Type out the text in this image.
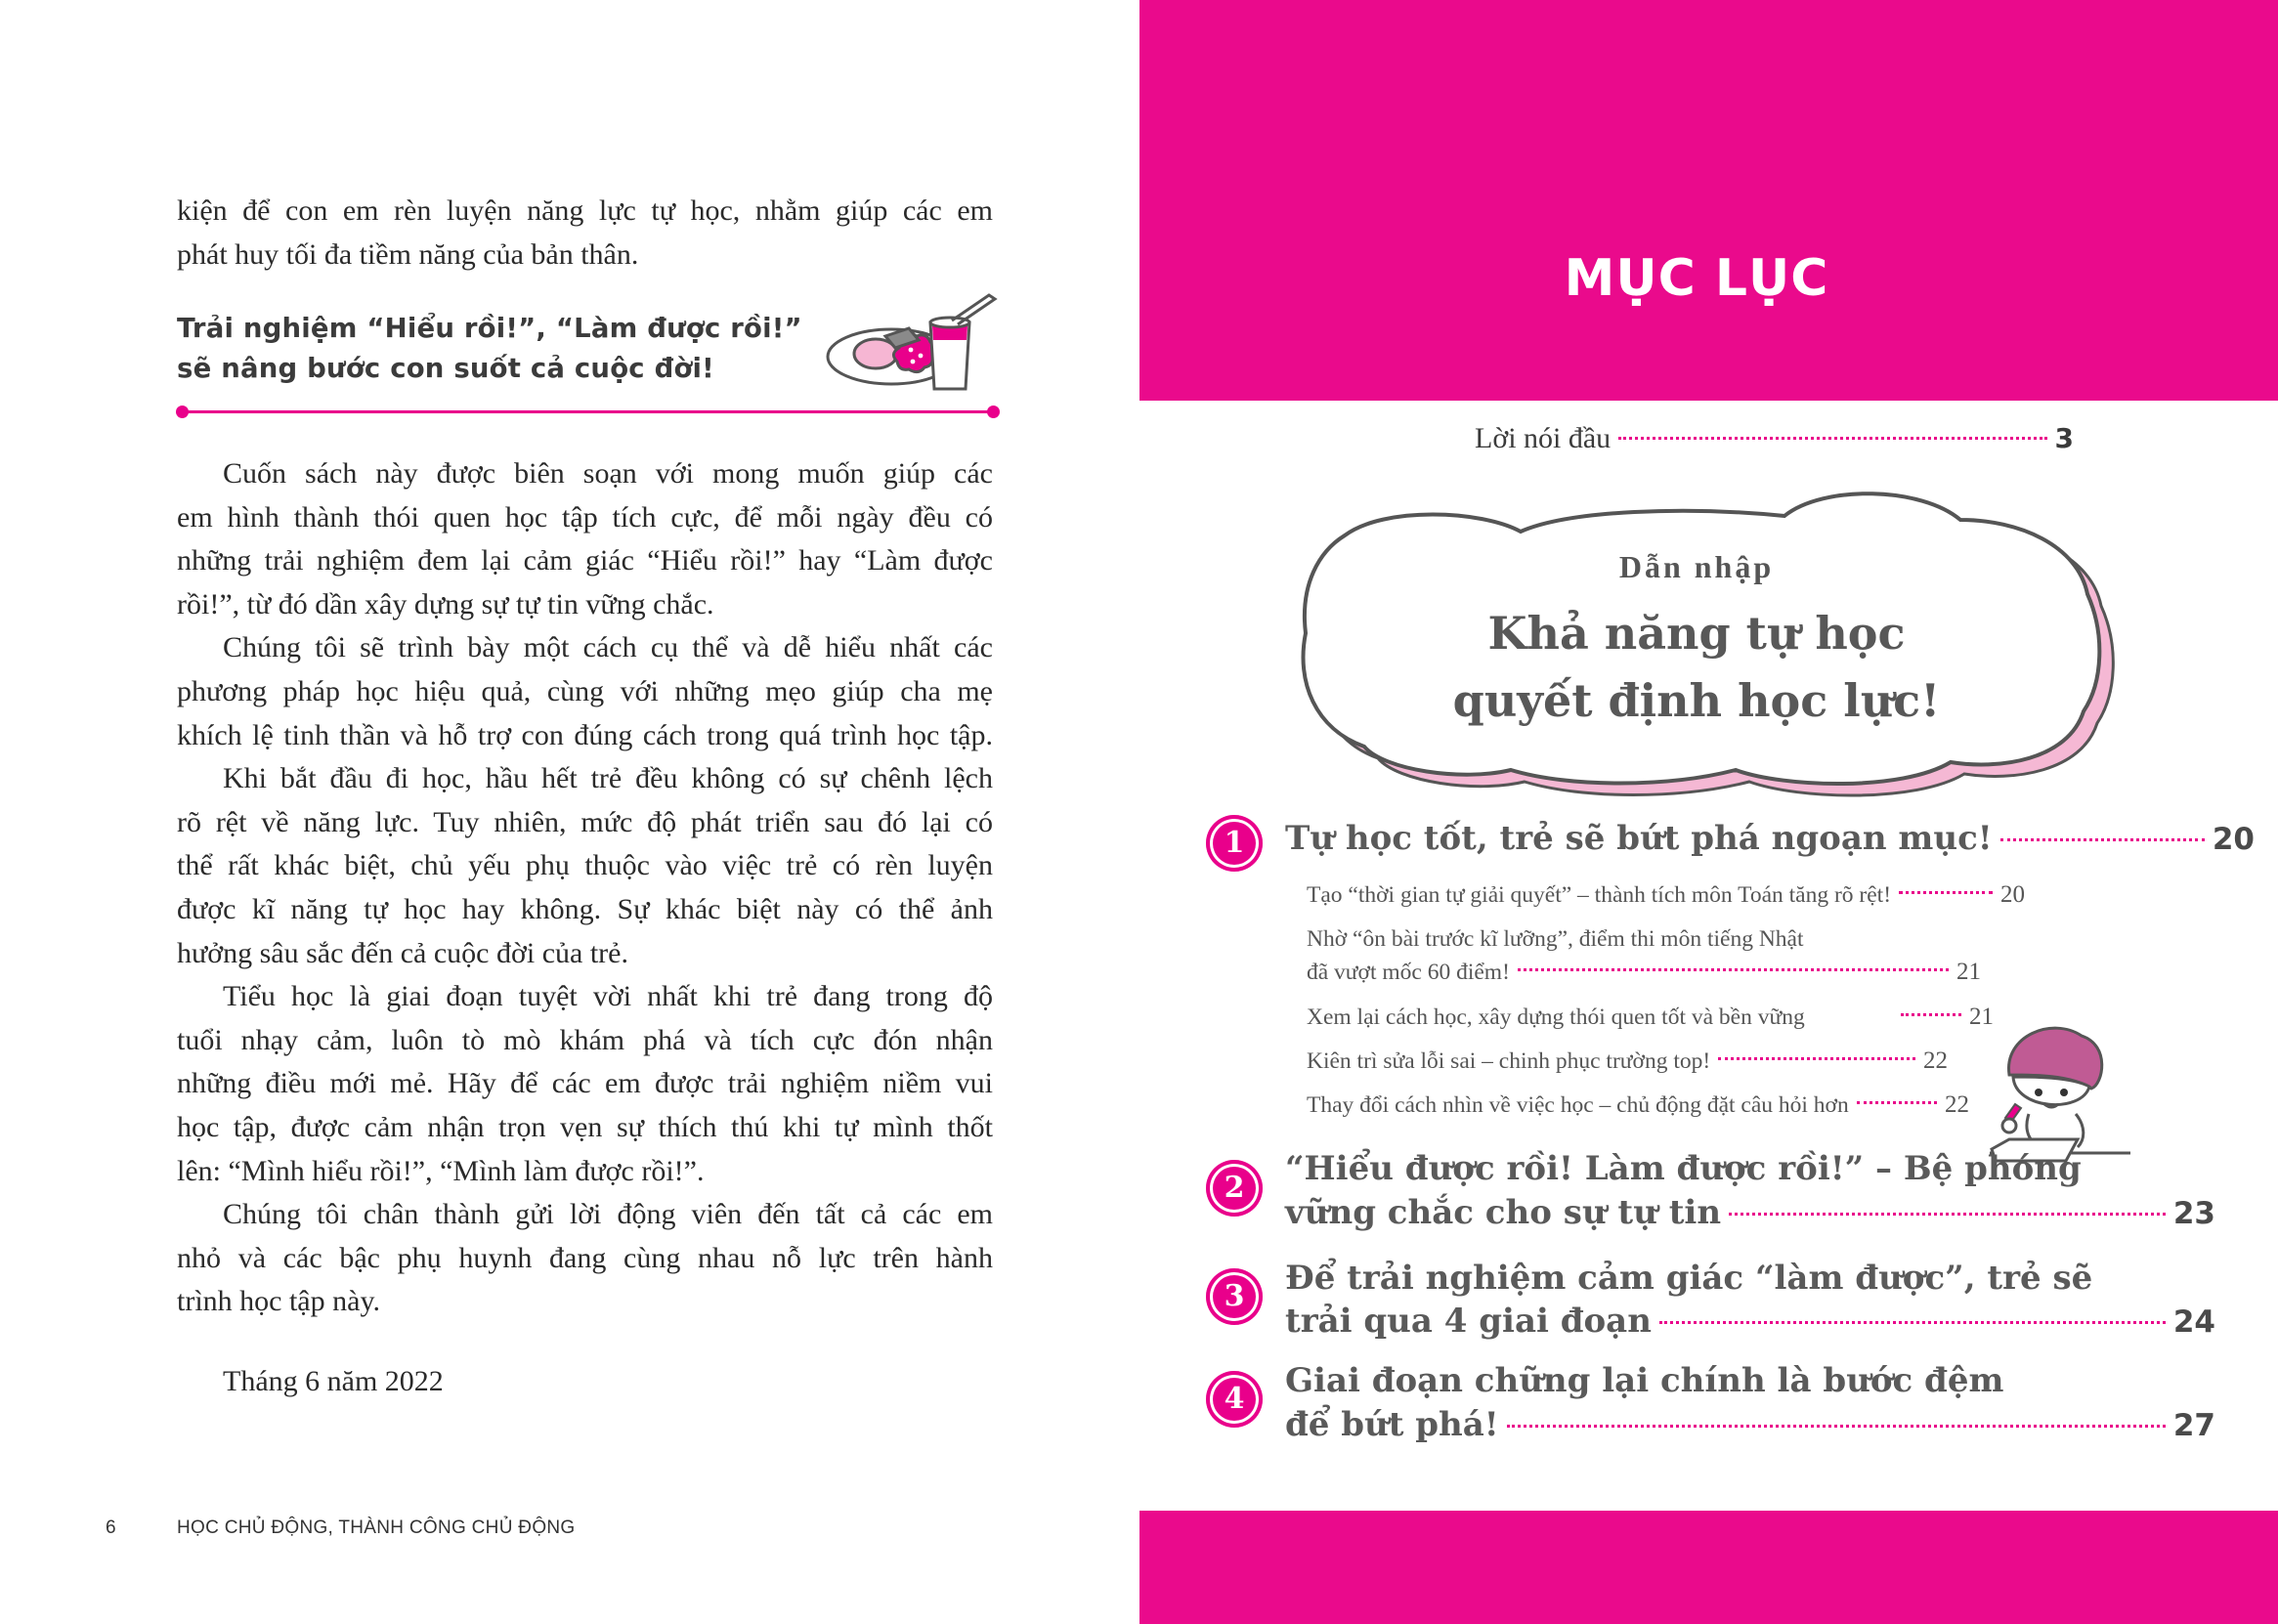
kiện để con em rèn luyện năng lực tự học, nhằm giúp các em
phát huy tối đa tiềm năng của bản thân.

Trải nghiệm “Hiểu rồi!”, “Làm được rồi!”
sẽ nâng bước con suốt cả cuộc đời!

Cuốn sách này được biên soạn với mong muốn giúp các
em hình thành thói quen học tập tích cực, để mỗi ngày đều có
những trải nghiệm đem lại cảm giác “Hiểu rồi!” hay “Làm được
rồi!”, từ đó dần xây dựng sự tự tin vững chắc.
Chúng tôi sẽ trình bày một cách cụ thể và dễ hiểu nhất các
phương pháp học hiệu quả, cùng với những mẹo giúp cha mẹ
khích lệ tinh thần và hỗ trợ con đúng cách trong quá trình học tập.
Khi bắt đầu đi học, hầu hết trẻ đều không có sự chênh lệch
rõ rệt về năng lực. Tuy nhiên, mức độ phát triển sau đó lại có
thể rất khác biệt, chủ yếu phụ thuộc vào việc trẻ có rèn luyện
được kĩ năng tự học hay không. Sự khác biệt này có thể ảnh
hưởng sâu sắc đến cả cuộc đời của trẻ.
Tiểu học là giai đoạn tuyệt vời nhất khi trẻ đang trong độ
tuổi nhạy cảm, luôn tò mò khám phá và tích cực đón nhận
những điều mới mẻ. Hãy để các em được trải nghiệm niềm vui
học tập, được cảm nhận trọn vẹn sự thích thú khi tự mình thốt
lên: “Mình hiểu rồi!”, “Mình làm được rồi!”.
Chúng tôi chân thành gửi lời động viên đến tất cả các em
nhỏ và các bậc phụ huynh đang cùng nhau nỗ lực trên hành
trình học tập này.

Tháng 6 năm 2022
6	HỌC CHỦ ĐỘNG, THÀNH CÔNG CHỦ ĐỘNG
MỤC LỤC
Lời nói đầu	3
Dẫn nhập
Khả năng tự học
quyết định học lực!
1	Tự học tốt, trẻ sẽ bứt phá ngoạn mục!	20
Tạo “thời gian tự giải quyết” – thành tích môn Toán tăng rõ rệt!	20
Nhờ “ôn bài trước kĩ lưỡng”, điểm thi môn tiếng Nhật
đã vượt mốc 60 điểm!	21
Xem lại cách học, xây dựng thói quen tốt và bền vững	21
Kiên trì sửa lỗi sai – chinh phục trường top!	22
Thay đổi cách nhìn về việc học – chủ động đặt câu hỏi hơn	22
2	“Hiểu được rồi! Làm được rồi!” – Bệ phóng
vững chắc cho sự tự tin	23
3	Để trải nghiệm cảm giác “làm được”, trẻ sẽ
trải qua 4 giai đoạn	24
4	Giai đoạn chững lại chính là bước đệm
để bứt phá!	27
